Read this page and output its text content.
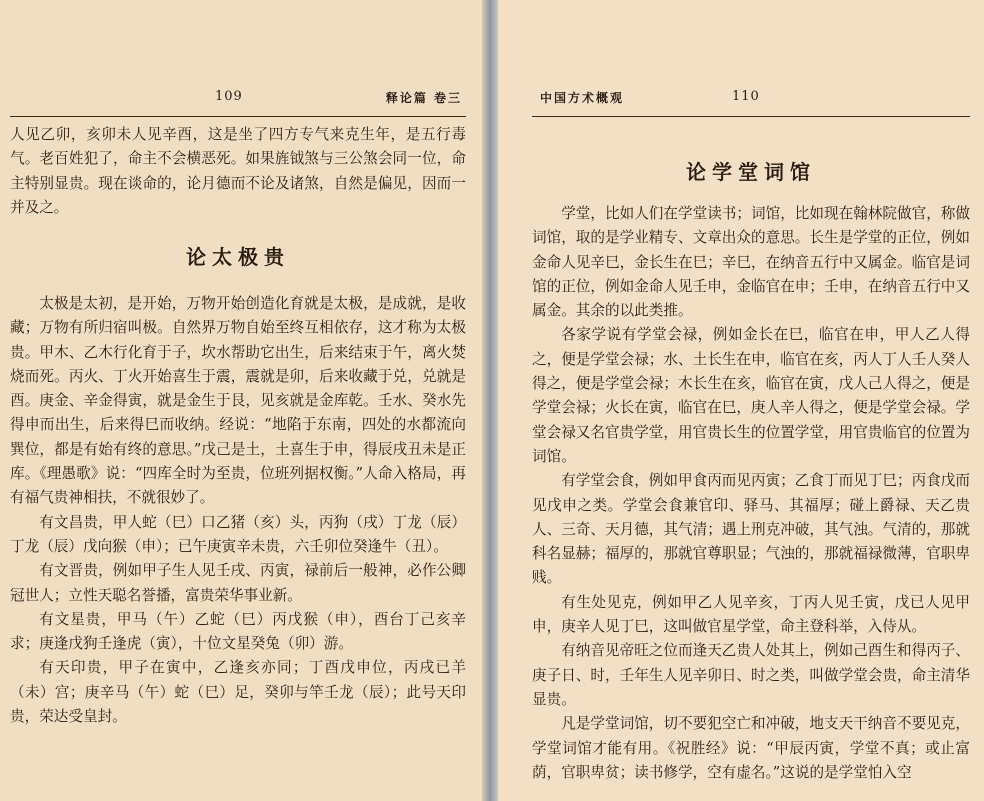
109	释论篇 卷三

人见乙卯，亥卯未人见辛酉，这是坐了四方专气来克生年，是五行毒气。老百姓犯了，命主不会横恶死。如果旌钺煞与三公煞会同一位，命主特别显贵。现在谈命的，论月德而不论及诸煞，自然是偏见，因而一并及之。

论太极贵

太极是太初，是开始，万物开始创造化育就是太极，是成就，是收藏；万物有所归宿叫极。自然界万物自始至终互相依存，这才称为太极贵。甲木、乙木行化育于子，坎水帮助它出生，后来结束于午，离火焚烧而死。丙火、丁火开始喜生于震，震就是卯，后来收藏于兑，兑就是酉。庚金、辛金得寅，就是金生于艮，见亥就是金库乾。壬水、癸水先得申而出生，后来得巳而收纳。经说：“地陷于东南，四处的水都流向巽位，都是有始有终的意思。”戊己是土，土喜生于申，得辰戌丑未是正库。《理愚歌》说：“四库全时为至贵，位班列据权衡。”人命入格局，再有福气贵神相扶，不就很妙了。

有文昌贵，甲人蛇（巳）口乙猪（亥）头，丙狗（戌）丁龙（辰）丁龙（辰）戊向猴（申）；已午庚寅辛未贵，六壬卯位癸逢牛（丑）。

有文晋贵，例如甲子生人见壬戌、丙寅，禄前后一般神，必作公卿冠世人；立性天聪名誉播，富贵荣华事业新。

有文星贵，甲马（午）乙蛇（巳）丙戊猴（申），酉台丁己亥辛求；庚逢戊狗壬逢虎（寅），十位文星癸兔（卯）游。

有天印贵，甲子在寅中，乙逢亥亦同；丁酉戊申位，丙戌已羊（未）宫；庚辛马（午）蛇（巳）足，癸卯与竿壬龙（辰）；此号天印贵，荣达受皇封。

中国方术概观	110
论学堂词馆

学堂，比如人们在学堂读书；词馆，比如现在翰林院做官，称做词馆，取的是学业精专、文章出众的意思。长生是学堂的正位，例如金命人见辛巳，金长生在巳；辛巳，在纳音五行中又属金。临官是词馆的正位，例如金命人见壬申，金临官在申；壬申，在纳音五行中又属金。其余的以此类推。

各家学说有学堂会禄，例如金长在巳，临官在申，甲人乙人得之，便是学堂会禄；水、土长生在申，临官在亥，丙人丁人壬人癸人得之，便是学堂会禄；木长生在亥，临官在寅，戊人己人得之，便是学堂会禄；火长在寅，临官在巳，庚人辛人得之，便是学堂会禄。学堂会禄又名官贵学堂，用官贵长生的位置学堂，用官贵临官的位置为词馆。

有学堂会食，例如甲食丙而见丙寅；乙食丁而见丁巳；丙食戊而见戊申之类。学堂会食兼官印、驿马、其福厚；碰上爵禄、天乙贵人、三奇、天月德，其气清；遇上刑克冲破，其气浊。气清的，那就科名显赫；福厚的，那就官尊职显；气浊的，那就福禄微薄，官职卑贱。

有生处见克，例如甲乙人见辛亥，丁丙人见壬寅，戊已人见甲申，庚辛人见丁巳，这叫做官星学堂，命主登科举，入侍从。

有纳音见帝旺之位而逢天乙贵人处其上，例如己酉生和得丙子、庚子日、时，壬年生人见辛卯日、时之类，叫做学堂会贵，命主清华显贵。

凡是学堂词馆，切不要犯空亡和冲破，地支天干纳音不要见克，学堂词馆才能有用。《祝胜经》说：“甲辰丙寅，学堂不真；或止富荫，官职卑贫；读书修学，空有虚名。”这说的是学堂怕入空
